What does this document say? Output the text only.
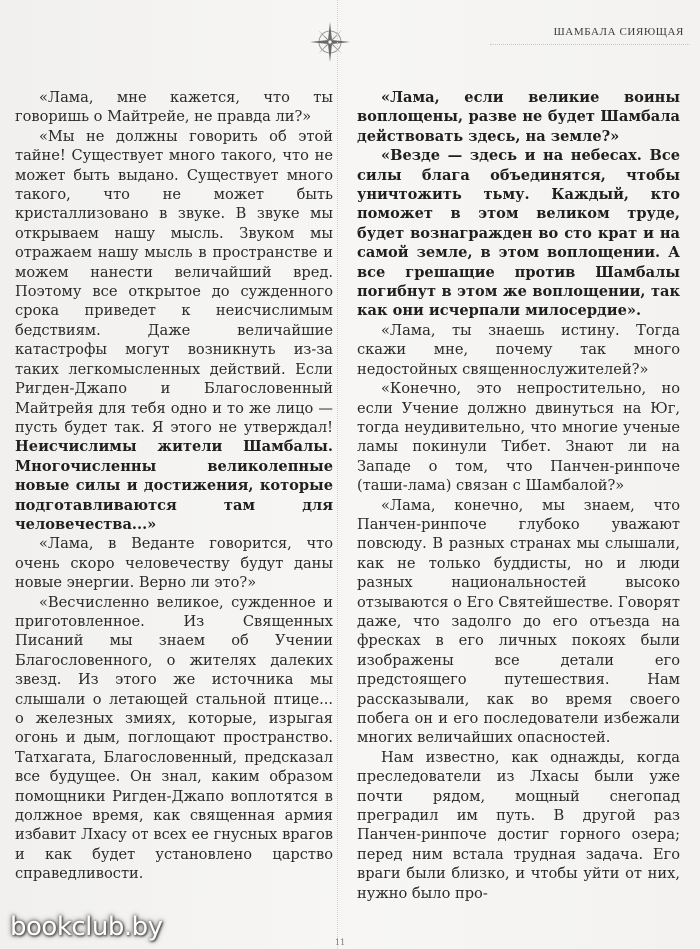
ШАМБАЛА СИЯЮЩАЯ

«Лама, мне кажется, что ты говоришь о Майтрейе, не правда ли?»

«Мы не должны говорить об этой тайне! Существует много такого, что не может быть выдано. Существует много такого, что не может быть кристаллизовано в звуке. В звуке мы открываем нашу мысль. Звуком мы отражаем нашу мысль в пространстве и можем нанести величайший вред. Поэтому все открытое до сужденного срока приведет к неисчислимым бедствиям. Даже величайшие катастрофы могут возникнуть из-за таких легкомысленных действий. Если Ригден-Джапо и Благословенный Майтрейя для тебя одно и то же лицо — пусть будет так. Я этого не утверждал! Неисчислимы жители Шамбалы. Многочисленны великолепные новые силы и достижения, которые подготавливаются там для человечества...»

«Лама, в Веданте говорится, что очень скоро человечеству будут даны новые энергии. Верно ли это?»

«Весчисленно великое, сужденное и приготовленное. Из Священных Писаний мы знаем об Учении Благословенного, о жителях далеких звезд. Из этого же источника мы слышали о летающей стальной птице... о железных змиях, которые, изрыгая огонь и дым, поглощают пространство. Татхагата, Благословенный, предсказал все будущее. Он знал, каким образом помощники Ригден-Джапо воплотятся в должное время, как священная армия избавит Лхасу от всех ее гнусных врагов и как будет установлено царство справедливости.

«Лама, если великие воины воплощены, разве не будет Шамбала действовать здесь, на земле?»

«Везде — здесь и на небесах. Все силы блага объединятся, чтобы уничтожить тьму. Каждый, кто поможет в этом великом труде, будет вознагражден во сто крат и на самой земле, в этом воплощении. А все грешащие против Шамбалы погибнут в этом же воплощении, так как они исчерпали милосердие».

«Лама, ты знаешь истину. Тогда скажи мне, почему так много недостойных священнослужителей?»

«Конечно, это непростительно, но если Учение должно двинуться на Юг, тогда неудивительно, что многие ученые ламы покинули Тибет. Знают ли на Западе о том, что Панчен-ринпоче (таши-лама) связан с Шамбалой?»

«Лама, конечно, мы знаем, что Панчен-ринпоче глубоко уважают повсюду. В разных странах мы слышали, как не только буддисты, но и люди разных национальностей высоко отзываются о Его Святейшестве. Говорят даже, что задолго до его отъезда на фресках в его личных покоях были изображены все детали его предстоящего путешествия. Нам рассказывали, как во время своего побега он и его последователи избежали многих величайших опасностей.

Нам известно, как однажды, когда преследователи из Лхасы были уже почти рядом, мощный снегопад преградил им путь. В другой раз Панчен-ринпоче достиг горного озера; перед ним встала трудная задача. Его враги были близко, и чтобы уйти от них, нужно было про-

bookclub.by
11
